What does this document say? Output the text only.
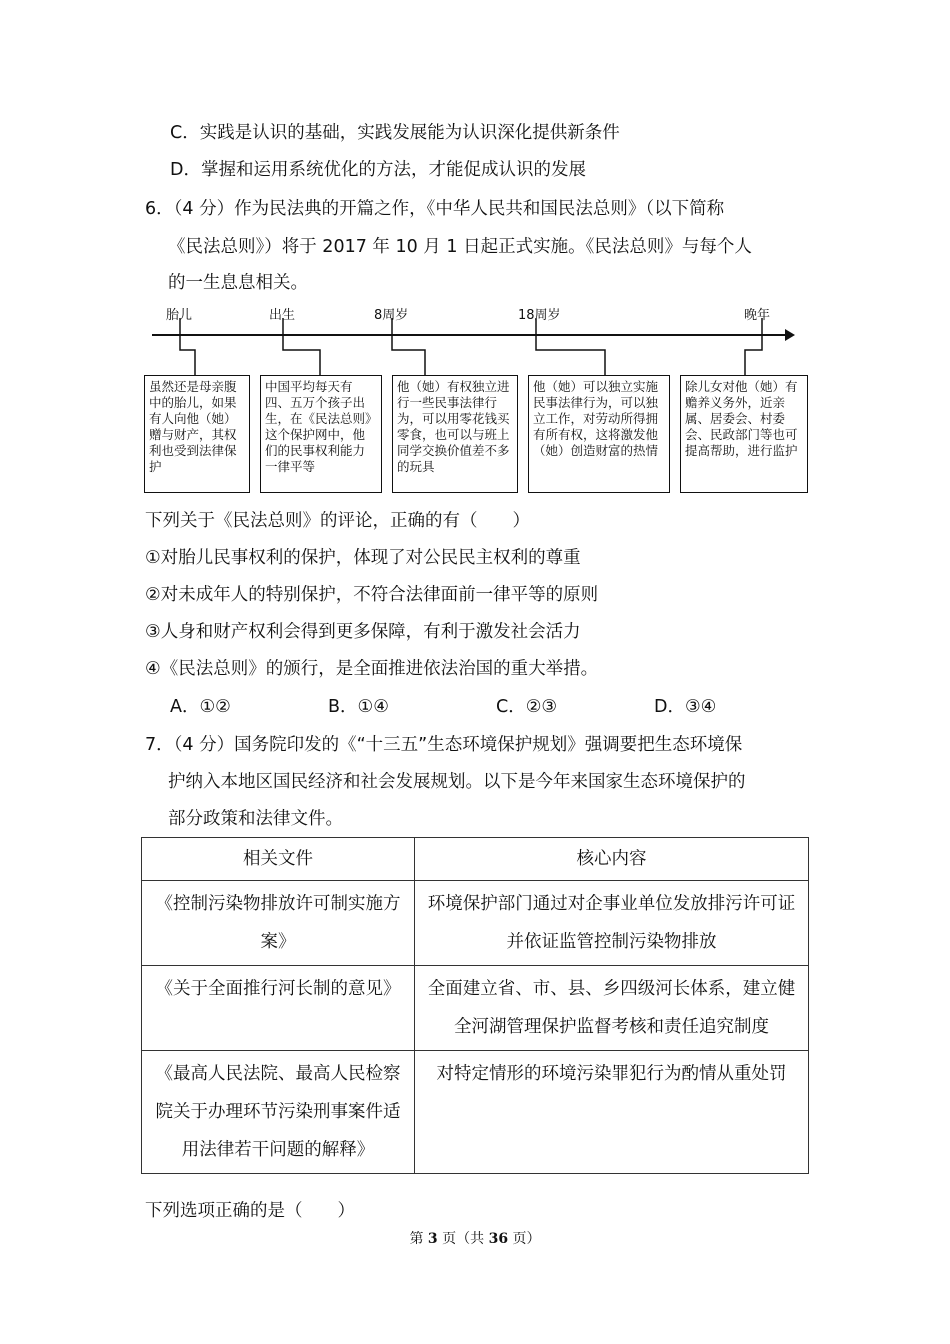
C．实践是认识的基础，实践发展能为认识深化提供新条件
D．掌握和运用系统优化的方法，才能促成认识的发展
6．（4 分）作为民法典的开篇之作，《中华人民共和国民法总则》（以下简称
《民法总则》）将于 2017 年 10 月 1 日起正式实施。《民法总则》与每个人
的一生息息相关。
胎儿	出生	8周岁	18周岁	晚年
虽然还是母亲腹中的胎儿，如果有人向他（她）赠与财产，其权利也受到法律保护
中国平均每天有四、五万个孩子出生，在《民法总则》这个保护网中，他们的民事权利能力一律平等
他（她）有权独立进行一些民事法律行为，可以用零花钱买零食，也可以与班上同学交换价值差不多的玩具
他（她）可以独立实施民事法律行为，可以独立工作，对劳动所得拥有所有权，这将激发他（她）创造财富的热情
除儿女对他（她）有赡养义务外，近亲属、居委会、村委会、民政部门等也可提高帮助，进行监护
下列关于《民法总则》的评论，正确的有（　　）
①对胎儿民事权利的保护，体现了对公民民主权利的尊重
②对未成年人的特别保护，不符合法律面前一律平等的原则
③人身和财产权利会得到更多保障，有利于激发社会活力
④《民法总则》的颁行，是全面推进依法治国的重大举措。
A．①②	B．①④	C．②③	D．③④
7．（4 分）国务院印发的《“十三五”生态环境保护规划》强调要把生态环境保
护纳入本地区国民经济和社会发展规划。以下是今年来国家生态环境保护的
部分政策和法律文件。
相关文件	核心内容
《控制污染物排放许可制实施方案》	环境保护部门通过对企事业单位发放排污许可证并依证监管控制污染物排放
《关于全面推行河长制的意见》	全面建立省、市、县、乡四级河长体系，建立健全河湖管理保护监督考核和责任追究制度
《最高人民法院、最高人民检察院关于办理环节污染刑事案件适用法律若干问题的解释》	对特定情形的环境污染罪犯行为酌情从重处罚
下列选项正确的是（　　）
第 3 页（共 36 页）
